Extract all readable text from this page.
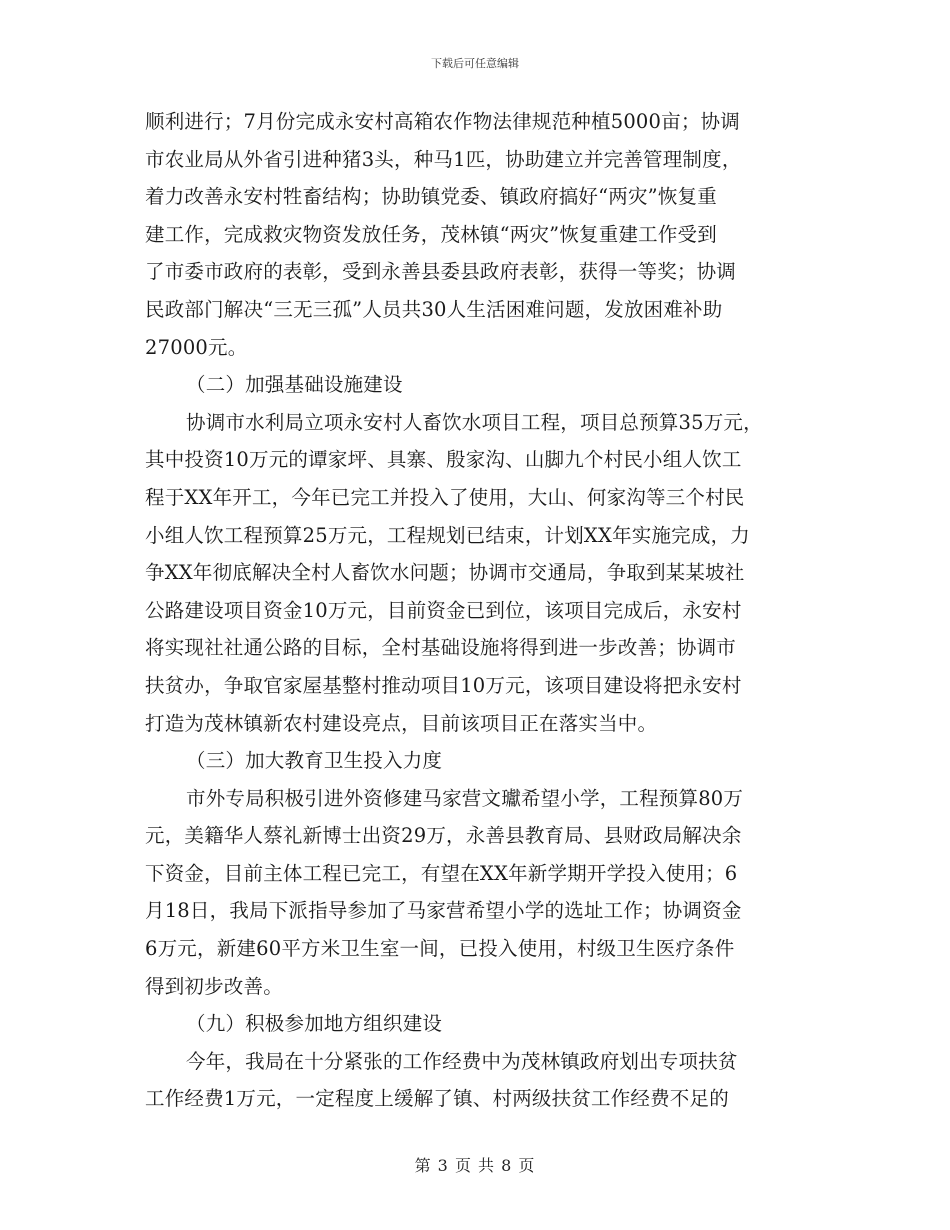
下载后可任意编辑
顺利进行；7月份完成永安村高箱农作物法律规范种植5000亩；协调
市农业局从外省引进种猪3头，种马1匹，协助建立并完善管理制度，
着力改善永安村牲畜结构；协助镇党委、镇政府搞好“两灾”恢复重
建工作，完成救灾物资发放任务，茂林镇“两灾”恢复重建工作受到
了市委市政府的表彰，受到永善县委县政府表彰，获得一等奖；协调
民政部门解决“三无三孤”人员共30人生活困难问题，发放困难补助
27000元。
（二）加强基础设施建设
协调市水利局立项永安村人畜饮水项目工程，项目总预算35万元，
其中投资10万元的谭家坪、具寨、殷家沟、山脚九个村民小组人饮工
程于XX年开工，今年已完工并投入了使用，大山、何家沟等三个村民
小组人饮工程预算25万元，工程规划已结束，计划XX年实施完成，力
争XX年彻底解决全村人畜饮水问题；协调市交通局，争取到某某坡社
公路建设项目资金10万元，目前资金已到位，该项目完成后，永安村
将实现社社通公路的目标，全村基础设施将得到进一步改善；协调市
扶贫办，争取官家屋基整村推动项目10万元，该项目建设将把永安村
打造为茂林镇新农村建设亮点，目前该项目正在落实当中。
（三）加大教育卫生投入力度
市外专局积极引进外资修建马家营文瓛希望小学，工程预算80万
元，美籍华人蔡礼新博士出资29万，永善县教育局、县财政局解决余
下资金，目前主体工程已完工，有望在XX年新学期开学投入使用；6
月18日，我局下派指导参加了马家营希望小学的选址工作；协调资金
6万元，新建60平方米卫生室一间，已投入使用，村级卫生医疗条件
得到初步改善。
（九）积极参加地方组织建设
今年，我局在十分紧张的工作经费中为茂林镇政府划出专项扶贫
工作经费1万元，一定程度上缓解了镇、村两级扶贫工作经费不足的
第 3 页 共 8 页
